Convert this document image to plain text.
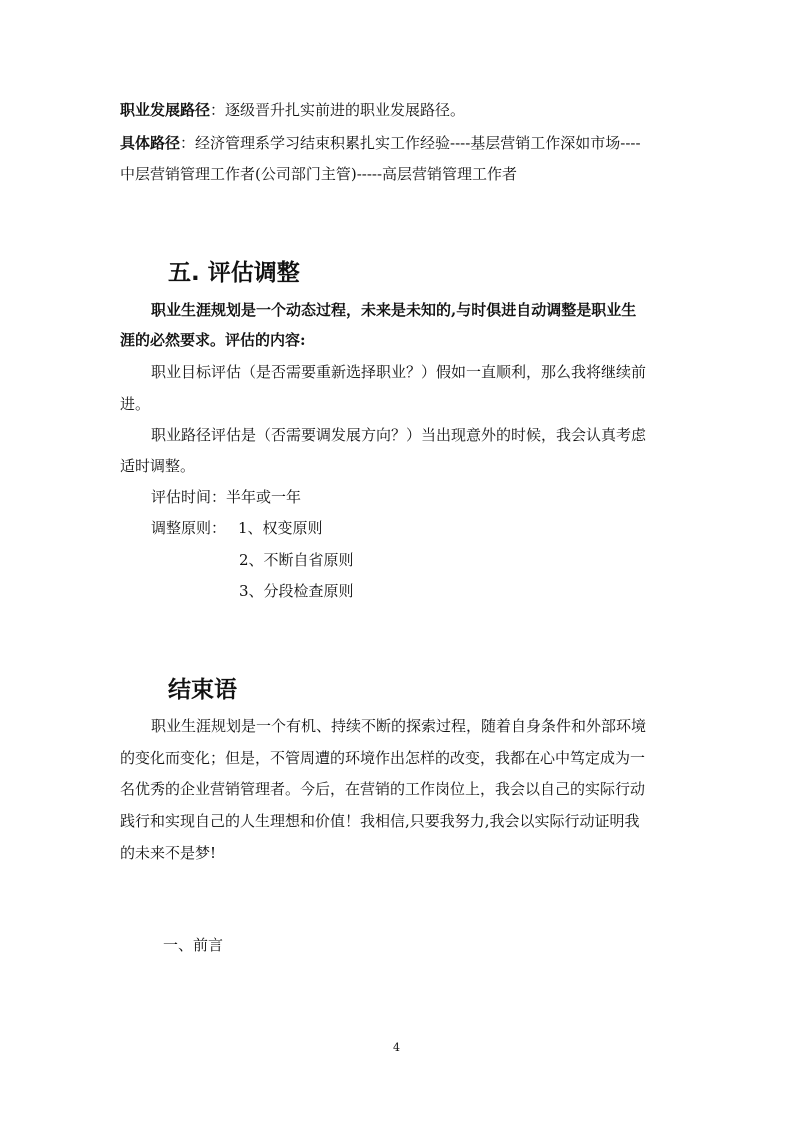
职业发展路径：逐级晋升扎实前进的职业发展路径。
具体路径：经济管理系学习结束积累扎实工作经验----基层营销工作深如市场----
中层营销管理工作者(公司部门主管)-----高层营销管理工作者
五. 评估调整
职业生涯规划是一个动态过程，未来是未知的,与时俱进自动调整是职业生
涯的必然要求。评估的内容:
职业目标评估（是否需要重新选择职业？）假如一直顺利，那么我将继续前
进。
职业路径评估是（否需要调发展方向？）当出现意外的时候，我会认真考虑
适时调整。
评估时间：半年或一年
调整原则： 1、权变原则
2、不断自省原则
3、分段检查原则
结束语
职业生涯规划是一个有机、持续不断的探索过程，随着自身条件和外部环境
的变化而变化；但是，不管周遭的环境作出怎样的改变，我都在心中笃定成为一
名优秀的企业营销管理者。今后，在营销的工作岗位上，我会以自己的实际行动
践行和实现自己的人生理想和价值！我相信,只要我努力,我会以实际行动证明我
的未来不是梦!
一、前言
4
